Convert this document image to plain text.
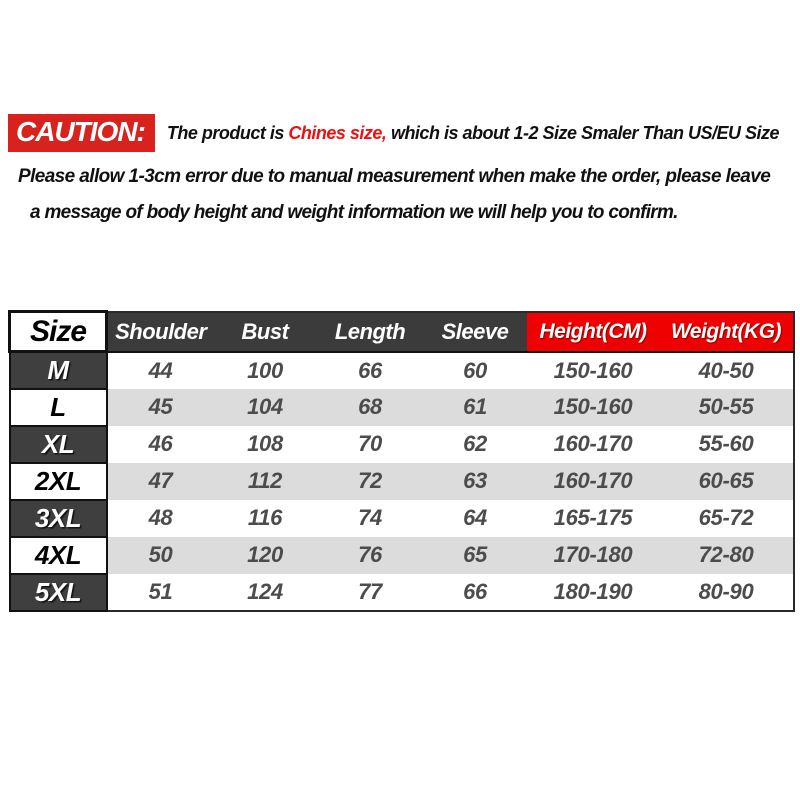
CAUTION:	The product is Chines size, which is about 1-2 Size Smaler Than US/EU Size

Please allow 1-3cm error due to manual measurement when make the order, please leave

a message of body height and weight information we will help you to confirm.

Size	Shoulder	Bust	Length	Sleeve	Height(CM)	Weight(KG)
M	44	100	66	60	150-160	40-50
L	45	104	68	61	150-160	50-55
XL	46	108	70	62	160-170	55-60
2XL	47	112	72	63	160-170	60-65
3XL	48	116	74	64	165-175	65-72
4XL	50	120	76	65	170-180	72-80
5XL	51	124	77	66	180-190	80-90
